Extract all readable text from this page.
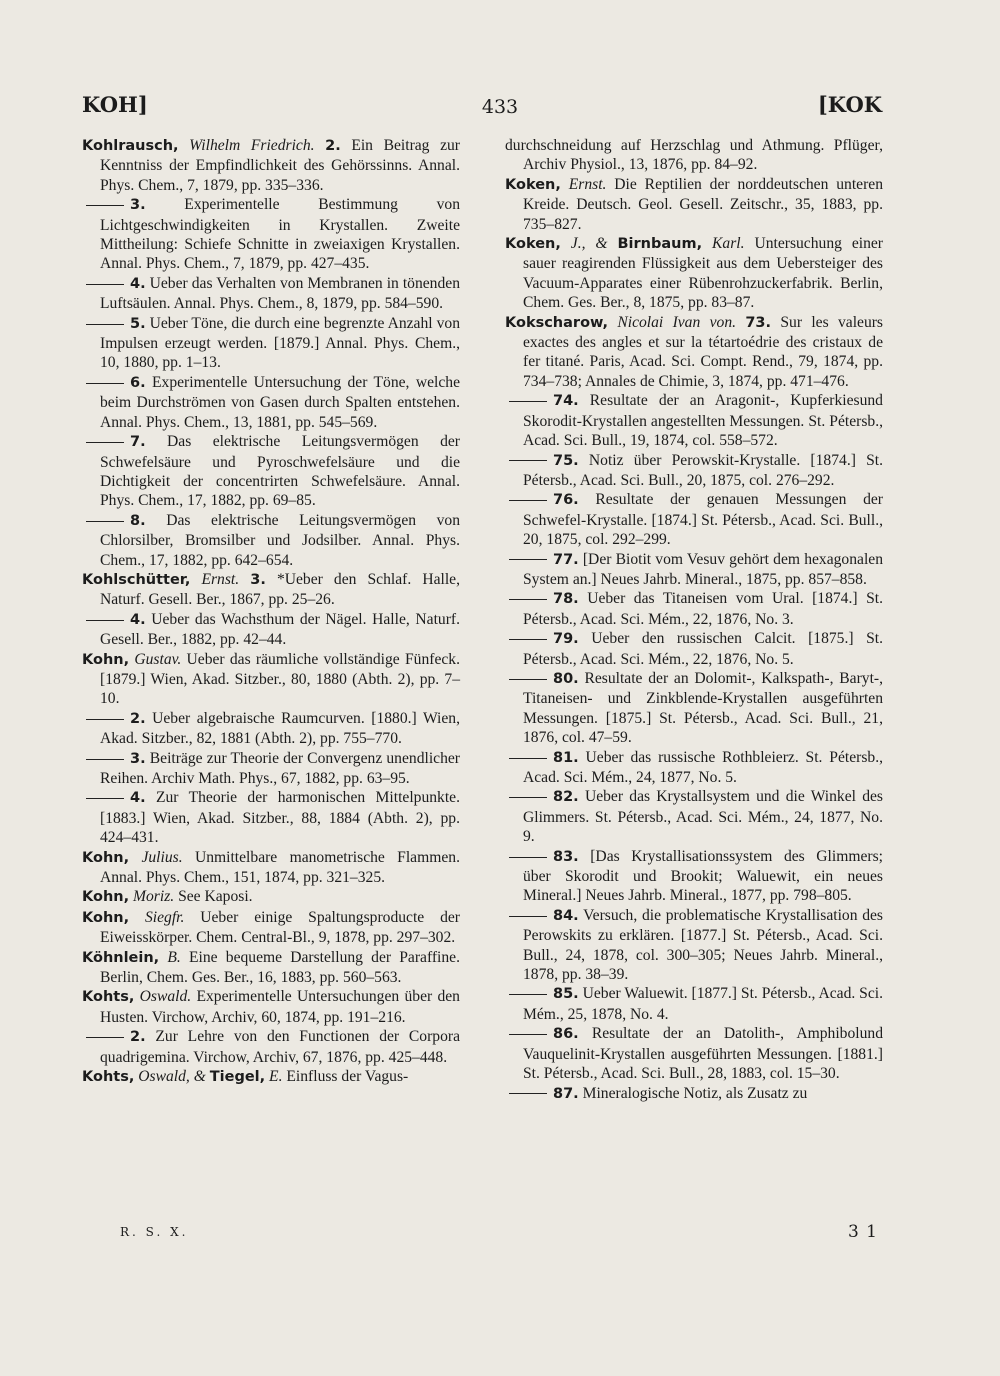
KOH]	433	[KOK

Kohlrausch, Wilhelm Friedrich. 2. Ein Beitrag zur Kenntniss der Empfindlichkeit des Gehörssinns. Annal. Phys. Chem., 7, 1879, pp. 335–336.

3. Experimentelle Bestimmung von Lichtgeschwindigkeiten in Krystallen. Zweite Mittheilung: Schiefe Schnitte in zweiaxigen Krystallen. Annal. Phys. Chem., 7, 1879, pp. 427–435.

4. Ueber das Verhalten von Membranen in tönenden Luftsäulen. Annal. Phys. Chem., 8, 1879, pp. 584–590.

5. Ueber Töne, die durch eine begrenzte Anzahl von Impulsen erzeugt werden. [1879.] Annal. Phys. Chem., 10, 1880, pp. 1–13.

6. Experimentelle Untersuchung der Töne, welche beim Durchströmen von Gasen durch Spalten entstehen. Annal. Phys. Chem., 13, 1881, pp. 545–569.

7. Das elektrische Leitungsvermögen der Schwefelsäure und Pyroschwefelsäure und die Dichtigkeit der concentrirten Schwefelsäure. Annal. Phys. Chem., 17, 1882, pp. 69–85.

8. Das elektrische Leitungsvermögen von Chlorsilber, Bromsilber und Jodsilber. Annal. Phys. Chem., 17, 1882, pp. 642–654.

Kohlschütter, Ernst. 3. *Ueber den Schlaf. Halle, Naturf. Gesell. Ber., 1867, pp. 25–26.

4. Ueber das Wachsthum der Nägel. Halle, Naturf. Gesell. Ber., 1882, pp. 42–44.

Kohn, Gustav. Ueber das räumliche vollständige Fünfeck. [1879.] Wien, Akad. Sitzber., 80, 1880 (Abth. 2), pp. 7–10.

2. Ueber algebraische Raumcurven. [1880.] Wien, Akad. Sitzber., 82, 1881 (Abth. 2), pp. 755–770.

3. Beiträge zur Theorie der Convergenz unendlicher Reihen. Archiv Math. Phys., 67, 1882, pp. 63–95.

4. Zur Theorie der harmonischen Mittelpunkte. [1883.] Wien, Akad. Sitzber., 88, 1884 (Abth. 2), pp. 424–431.

Kohn, Julius. Unmittelbare manometrische Flammen. Annal. Phys. Chem., 151, 1874, pp. 321–325.

Kohn, Moriz. See Kaposi.

Kohn, Siegfr. Ueber einige Spaltungsproducte der Eiweisskörper. Chem. Central-Bl., 9, 1878, pp. 297–302.

Köhnlein, B. Eine bequeme Darstellung der Paraffine. Berlin, Chem. Ges. Ber., 16, 1883, pp. 560–563.

Kohts, Oswald. Experimentelle Untersuchungen über den Husten. Virchow, Archiv, 60, 1874, pp. 191–216.

2. Zur Lehre von den Functionen der Corpora quadrigemina. Virchow, Archiv, 67, 1876, pp. 425–448.

Kohts, Oswald, & Tiegel, E. Einfluss der Vagus-

durchschneidung auf Herzschlag und Athmung. Pflüger, Archiv Physiol., 13, 1876, pp. 84–92.

Koken, Ernst. Die Reptilien der norddeutschen unteren Kreide. Deutsch. Geol. Gesell. Zeitschr., 35, 1883, pp. 735–827.

Koken, J., & Birnbaum, Karl. Untersuchung einer sauer reagirenden Flüssigkeit aus dem Uebersteiger des Vacuum-Apparates einer Rübenrohzuckerfabrik. Berlin, Chem. Ges. Ber., 8, 1875, pp. 83–87.

Kokscharow, Nicolai Ivan von. 73. Sur les valeurs exactes des angles et sur la tétartoédrie des cristaux de fer titané. Paris, Acad. Sci. Compt. Rend., 79, 1874, pp. 734–738; Annales de Chimie, 3, 1874, pp. 471–476.

74. Resultate der an Aragonit-, Kupferkiesund Skorodit-Krystallen angestellten Messungen. St. Pétersb., Acad. Sci. Bull., 19, 1874, col. 558–572.

75. Notiz über Perowskit-Krystalle. [1874.] St. Pétersb., Acad. Sci. Bull., 20, 1875, col. 276–292.

76. Resultate der genauen Messungen der Schwefel-Krystalle. [1874.] St. Pétersb., Acad. Sci. Bull., 20, 1875, col. 292–299.

77. [Der Biotit vom Vesuv gehört dem hexagonalen System an.] Neues Jahrb. Mineral., 1875, pp. 857–858.

78. Ueber das Titaneisen vom Ural. [1874.] St. Pétersb., Acad. Sci. Mém., 22, 1876, No. 3.

79. Ueber den russischen Calcit. [1875.] St. Pétersb., Acad. Sci. Mém., 22, 1876, No. 5.

80. Resultate der an Dolomit-, Kalkspath-, Baryt-, Titaneisen- und Zinkblende-Krystallen ausgeführten Messungen. [1875.] St. Pétersb., Acad. Sci. Bull., 21, 1876, col. 47–59.

81. Ueber das russische Rothbleierz. St. Pétersb., Acad. Sci. Mém., 24, 1877, No. 5.

82. Ueber das Krystallsystem und die Winkel des Glimmers. St. Pétersb., Acad. Sci. Mém., 24, 1877, No. 9.

83. [Das Krystallisationssystem des Glimmers; über Skorodit und Brookit; Waluewit, ein neues Mineral.] Neues Jahrb. Mineral., 1877, pp. 798–805.

84. Versuch, die problematische Krystallisation des Perowskits zu erklären. [1877.] St. Pétersb., Acad. Sci. Bull., 24, 1878, col. 300–305; Neues Jahrb. Mineral., 1878, pp. 38–39.

85. Ueber Waluewit. [1877.] St. Pétersb., Acad. Sci. Mém., 25, 1878, No. 4.

86. Resultate der an Datolith-, Amphibolund Vauquelinit-Krystallen ausgeführten Messungen. [1881.] St. Pétersb., Acad. Sci. Bull., 28, 1883, col. 15–30.

87. Mineralogische Notiz, als Zusatz zu

R. S. X.	3 1
